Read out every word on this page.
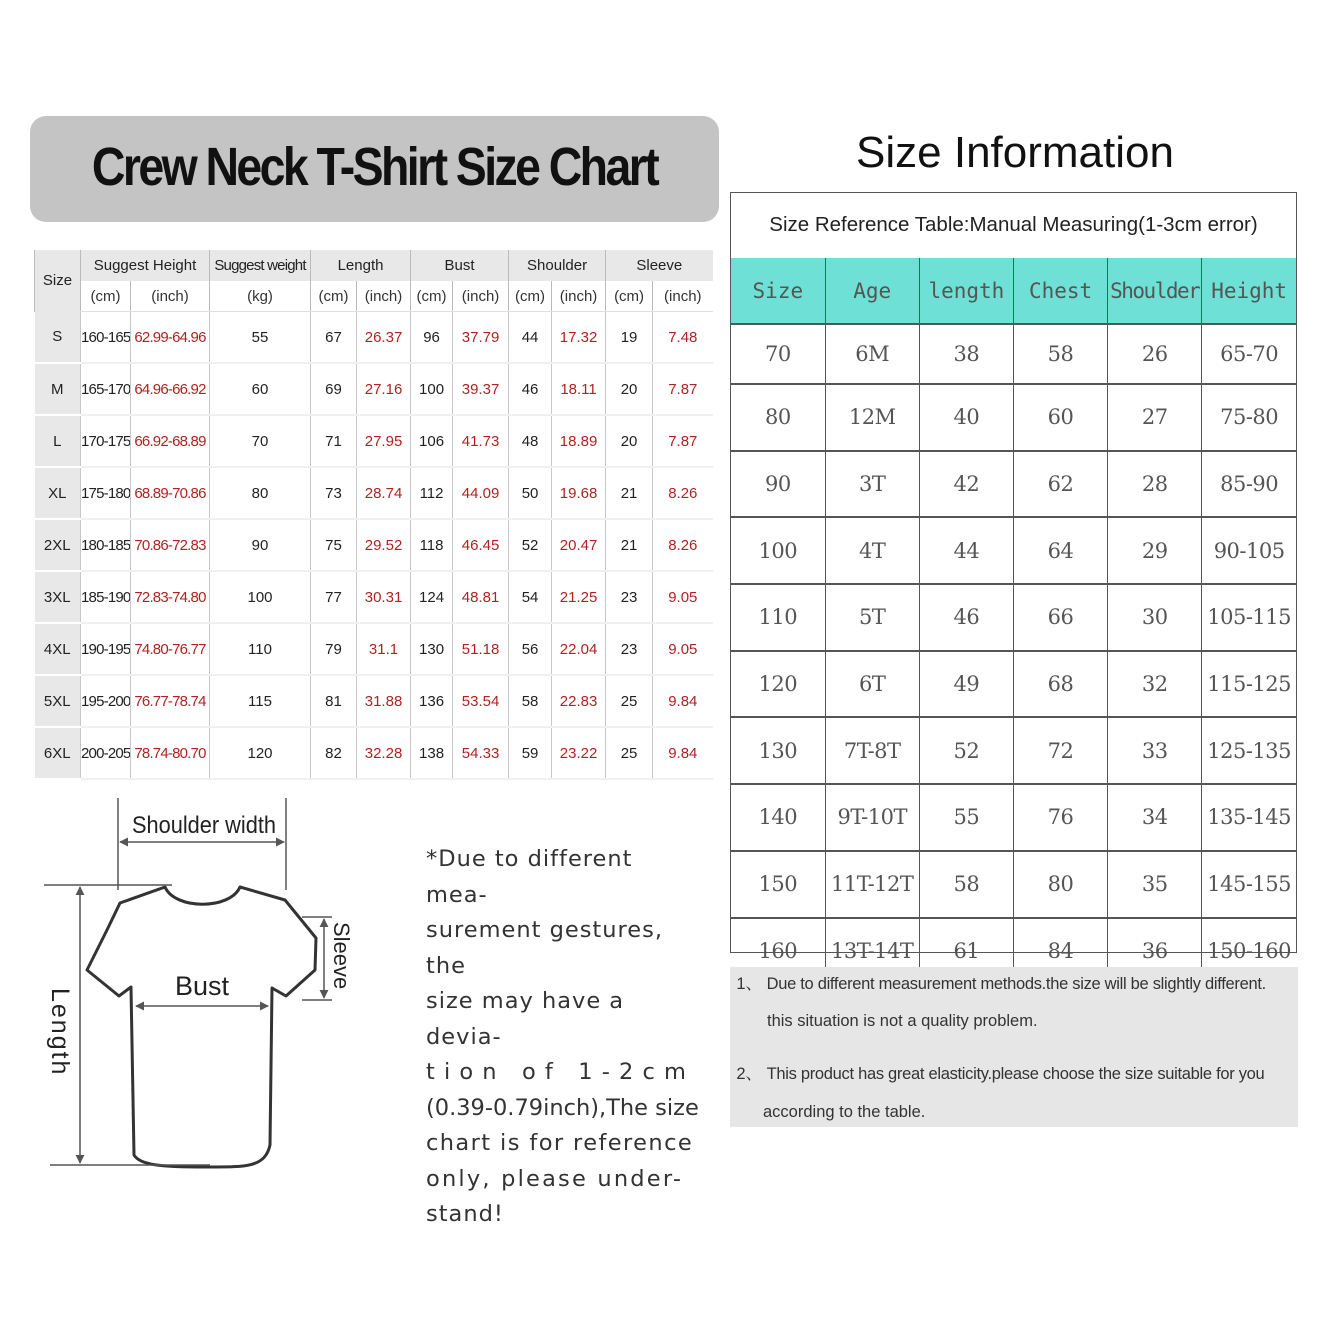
Crew Neck T-Shirt Size Chart
Size	Suggest Height		Suggest weight	Length		Bust		Shoulder		Sleeve	
	(cm)	(inch)	(kg)	(cm)	(inch)	(cm)	(inch)	(cm)	(inch)	(cm)	(inch)
S	160-165	62.99-64.96	55	67	26.37	96	37.79	44	17.32	19	7.48
M	165-170	64.96-66.92	60	69	27.16	100	39.37	46	18.11	20	7.87
L	170-175	66.92-68.89	70	71	27.95	106	41.73	48	18.89	20	7.87
XL	175-180	68.89-70.86	80	73	28.74	112	44.09	50	19.68	21	8.26
2XL	180-185	70.86-72.83	90	75	29.52	118	46.45	52	20.47	21	8.26
3XL	185-190	72.83-74.80	100	77	30.31	124	48.81	54	21.25	23	9.05
4XL	190-195	74.80-76.77	110	79	31.1	130	51.18	56	22.04	23	9.05
5XL	195-200	76.77-78.74	115	81	31.88	136	53.54	58	22.83	25	9.84
6XL	200-205	78.74-80.70	120	82	32.28	138	54.33	59	23.22	25	9.84
Shoulder width
Length
Bust	Sleeve
*Due to different mea-
surement gestures, the
size may have a devia-
t i o n   o f   1 - 2 c m
(0.39-0.79inch),The size
chart is for reference
only, please under-
stand!
Size Information
Size Reference Table:Manual Measuring(1-3cm error)
Size	Age	length	Chest	Shoulder	Height
70	6M	38	58	26	65-70
80	12M	40	60	27	75-80
90	3T	42	62	28	85-90
100	4T	44	64	29	90-105
110	5T	46	66	30	105-115
120	6T	49	68	32	115-125
130	7T-8T	52	72	33	125-135
140	9T-10T	55	76	34	135-145
150	11T-12T	58	80	35	145-155
160	13T-14T	61	84	36	150-160
1、 Due to different measurement methods.the size will be slightly different.
this situation is not a quality problem.
2、 This product has great elasticity.please choose the size suitable for you
according to the table.
